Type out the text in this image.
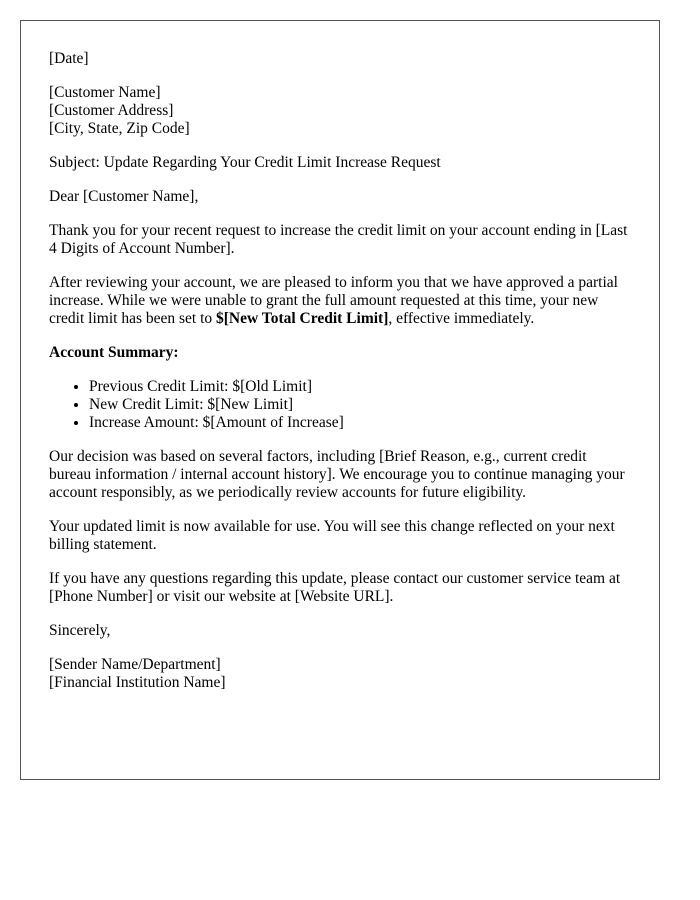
[Date]

[Customer Name]
[Customer Address]
[City, State, Zip Code]

Subject: Update Regarding Your Credit Limit Increase Request

Dear [Customer Name],

Thank you for your recent request to increase the credit limit on your account ending in [Last 4 Digits of Account Number].

After reviewing your account, we are pleased to inform you that we have approved a partial increase. While we were unable to grant the full amount requested at this time, your new credit limit has been set to $[New Total Credit Limit], effective immediately.

Account Summary:

• Previous Credit Limit: $[Old Limit]
• New Credit Limit: $[New Limit]
• Increase Amount: $[Amount of Increase]

Our decision was based on several factors, including [Brief Reason, e.g., current credit bureau information / internal account history]. We encourage you to continue managing your account responsibly, as we periodically review accounts for future eligibility.

Your updated limit is now available for use. You will see this change reflected on your next billing statement.

If you have any questions regarding this update, please contact our customer service team at [Phone Number] or visit our website at [Website URL].

Sincerely,

[Sender Name/Department]
[Financial Institution Name]
